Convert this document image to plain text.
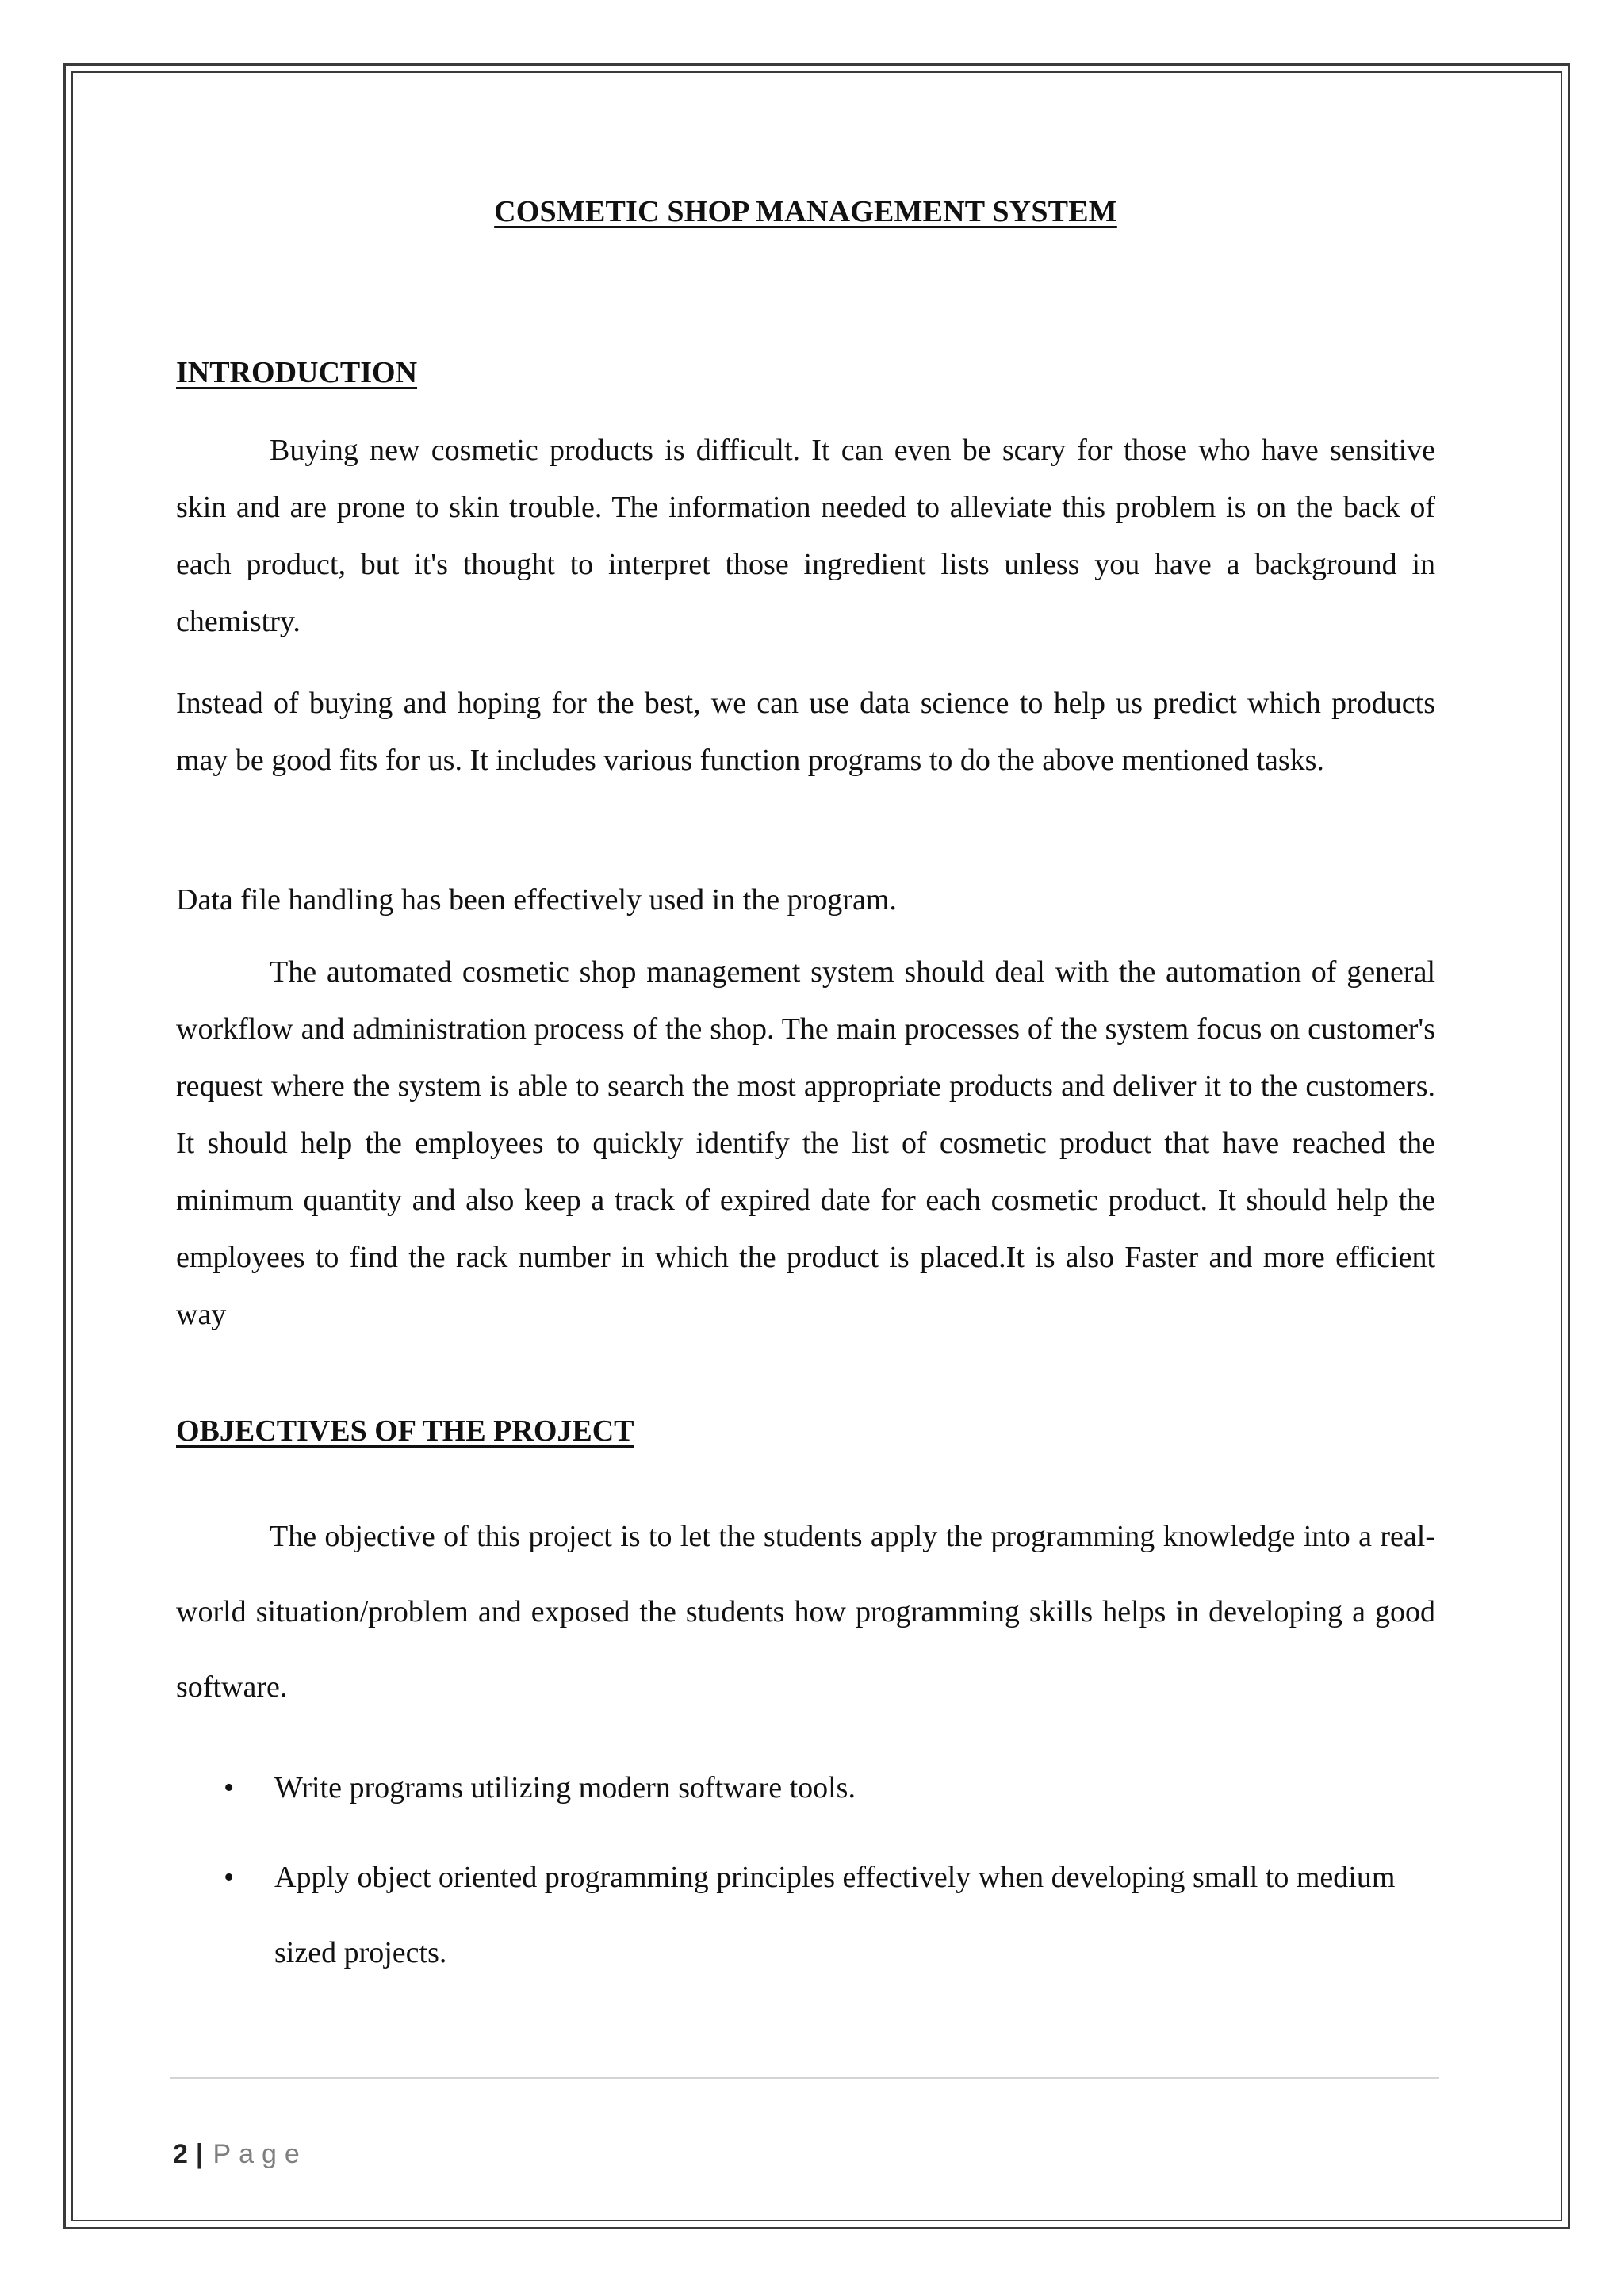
COSMETIC SHOP MANAGEMENT SYSTEM
INTRODUCTION

Buying new cosmetic products is difficult. It can even be scary for those who have sensitive skin and are prone to skin trouble. The information needed to alleviate this problem is on the back of each product, but it's thought to interpret those ingredient lists unless you have a background in chemistry.

Instead of buying and hoping for the best, we can use data science to help us predict which products may be good fits for us. It includes various function programs to do the above mentioned tasks.

Data file handling has been effectively used in the program.

The automated cosmetic shop management system should deal with the automation of general workflow and administration process of the shop. The main processes of the system focus on customer's request where the system is able to search the most appropriate products and deliver it to the customers. It should help the employees to quickly identify the list of cosmetic product that have reached the minimum quantity and also keep a track of expired date for each cosmetic product. It should help the employees to find the rack number in which the product is placed.It is also Faster and more efficient way

OBJECTIVES OF THE PROJECT

The objective of this project is to let the students apply the programming knowledge into a real- world situation/problem and exposed the students how programming skills helps in developing a good software.

• Write programs utilizing modern software tools.
• Apply object oriented programming principles effectively when developing small to medium sized projects.
2 | Page
